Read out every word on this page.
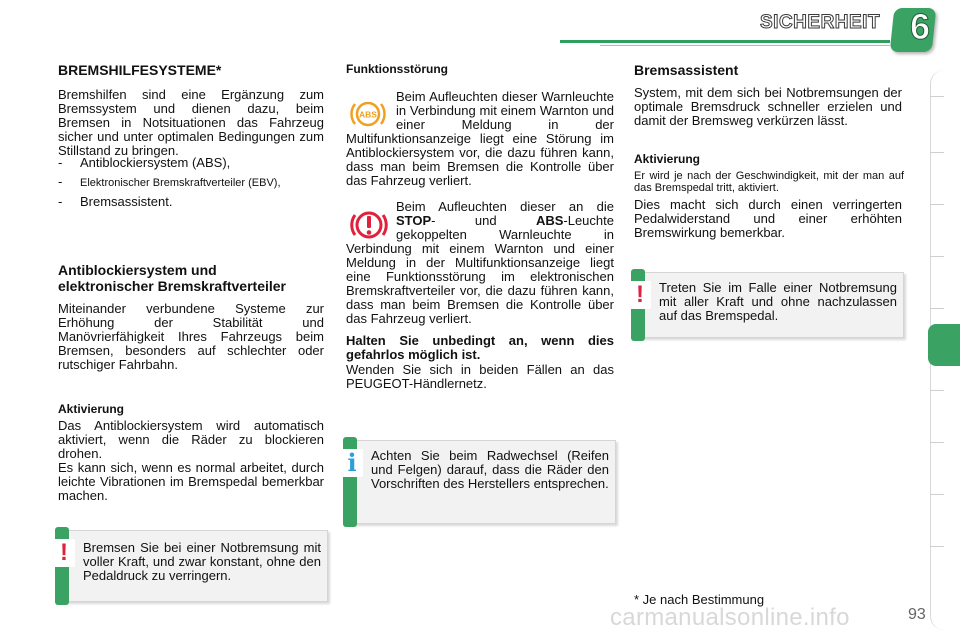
SICHERHEIT 6
BREMSHILFESYSTEME*

Bremshilfen sind eine Ergänzung zum Bremssystem und dienen dazu, beim Bremsen in Notsituationen das Fahrzeug sicher und unter optimalen Bedingungen zum Stillstand zu bringen.

- Antiblockiersystem (ABS),
- Elektronischer Bremskraftverteiler (EBV),
- Bremsassistent.
Antiblockiersystem und
elektronischer Bremskraftverteiler

Miteinander verbundene Systeme zur Erhöhung der Stabilität und Manövrierfähigkeit Ihres Fahrzeugs beim Bremsen, besonders auf schlechter oder rutschiger Fahrbahn.

Aktivierung

Das Antiblockiersystem wird automatisch aktiviert, wenn die Räder zu blockieren drohen.

Es kann sich, wenn es normal arbeitet, durch leichte Vibrationen im Bremspedal bemerkbar machen.

!	Bremsen Sie bei einer Notbremsung mit voller Kraft, und zwar konstant, ohne den Pedaldruck zu verringern.

Funktionsstörung
ABS

Beim Aufleuchten dieser Warnleuchte in Verbindung mit einem Warnton und einer Meldung in der Multifunktionsanzeige liegt eine Störung im Antiblockiersystem vor, die dazu führen kann, dass man beim Bremsen die Kontrolle über das Fahrzeug verliert.

Beim Aufleuchten dieser an die STOP- und	ABS-Leuchte gekoppelten Warnleuchte in Verbindung mit einem Warnton und einer Meldung in der Multifunktionsanzeige liegt eine Funktionsstörung im elektronischen Bremskraftverteiler vor, die dazu führen kann, dass man beim Bremsen die Kontrolle über das Fahrzeug verliert.

Halten Sie unbedingt an, wenn dies gefahrlos möglich ist.

Wenden Sie sich in beiden Fällen an das PEUGEOT-Händlernetz.

i	Achten Sie beim Radwechsel (Reifen und Felgen) darauf, dass die Räder den Vorschriften des Herstellers entsprechen.

Bremsassistent

System, mit dem sich bei Notbremsungen der optimale Bremsdruck schneller erzielen und damit der Bremsweg verkürzen lässt.

Aktivierung

Er wird je nach der Geschwindigkeit, mit der man auf das Bremspedal tritt, aktiviert.

Dies macht sich durch einen verringerten Pedalwiderstand und einer erhöhten Bremswirkung bemerkbar.

!	Treten Sie im Falle einer Notbremsung mit aller Kraft und ohne nachzulassen auf das Bremspedal.

* Je nach Bestimmung
carmanualsonline.info	93
